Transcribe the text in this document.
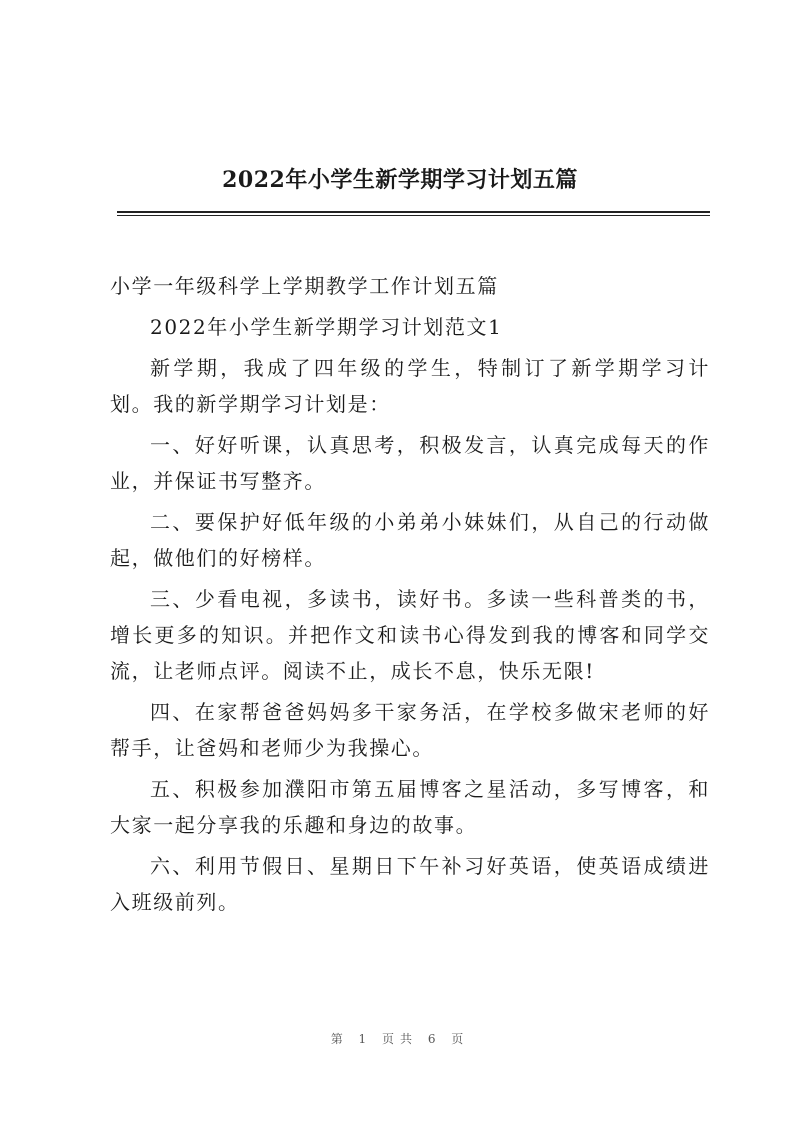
2022年小学生新学期学习计划五篇

小学一年级科学上学期教学工作计划五篇

2022年小学生新学期学习计划范文1

新学期，我成了四年级的学生，特制订了新学期学习计划。我的新学期学习计划是：

一、好好听课，认真思考，积极发言，认真完成每天的作业，并保证书写整齐。

二、要保护好低年级的小弟弟小妹妹们，从自己的行动做起，做他们的好榜样。

三、少看电视，多读书，读好书。多读一些科普类的书，增长更多的知识。并把作文和读书心得发到我的博客和同学交流，让老师点评。阅读不止，成长不息，快乐无限!

四、在家帮爸爸妈妈多干家务活，在学校多做宋老师的好帮手，让爸妈和老师少为我操心。

五、积极参加濮阳市第五届博客之星活动，多写博客，和大家一起分享我的乐趣和身边的故事。

六、利用节假日、星期日下午补习好英语，使英语成绩进入班级前列。

第 1 页共 6 页
